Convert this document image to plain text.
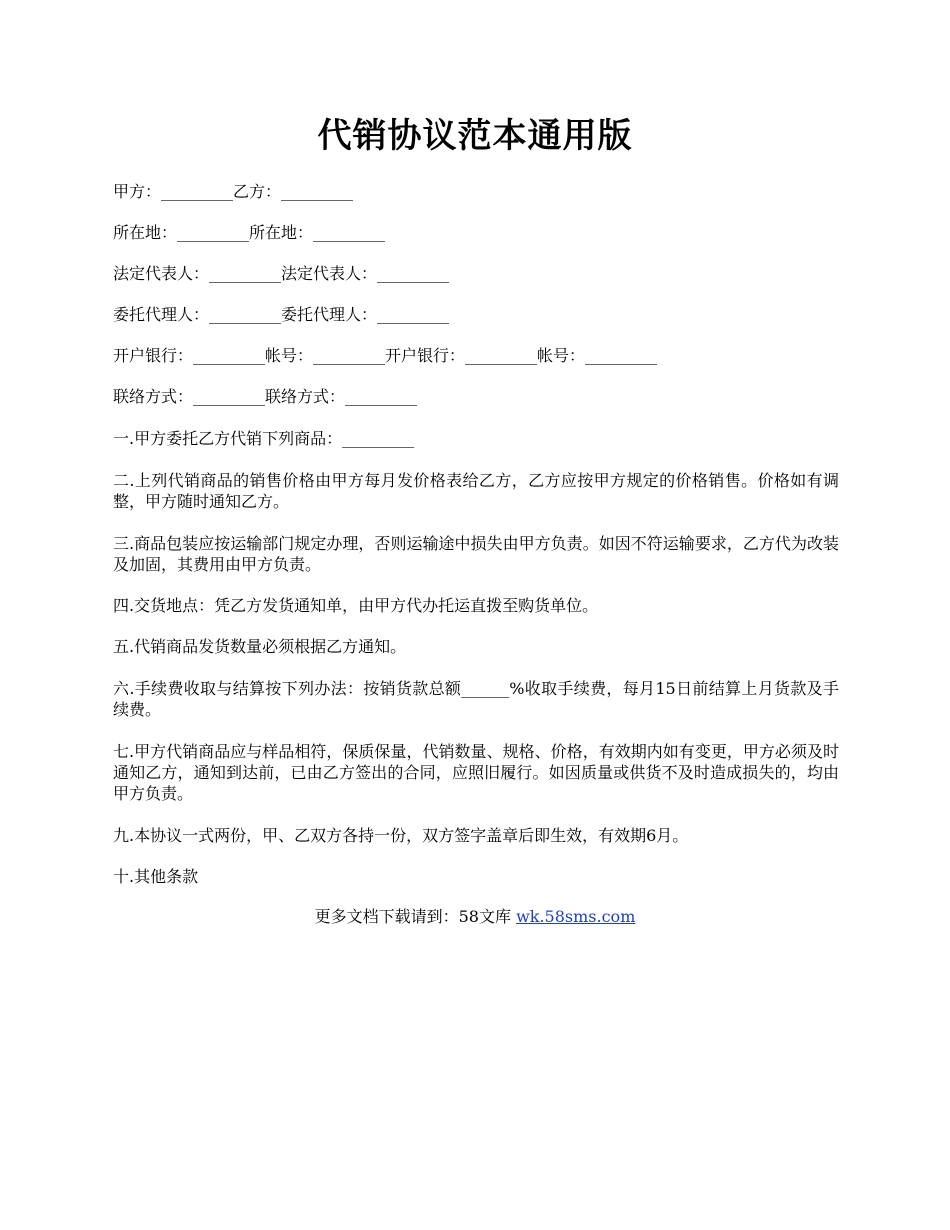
代销协议范本通用版

甲方：_________乙方：_________

所在地：_________所在地：_________

法定代表人：_________法定代表人：_________

委托代理人：_________委托代理人：_________

开户银行：_________帐号：_________开户银行：_________帐号：_________

联络方式：_________联络方式：_________

一.甲方委托乙方代销下列商品：_________

二.上列代销商品的销售价格由甲方每月发价格表给乙方，乙方应按甲方规定的价格销售。价格如有调整，甲方随时通知乙方。

三.商品包装应按运输部门规定办理，否则运输途中损失由甲方负责。如因不符运输要求，乙方代为改装及加固，其费用由甲方负责。

四.交货地点：凭乙方发货通知单，由甲方代办托运直拨至购货单位。

五.代销商品发货数量必须根据乙方通知。

六.手续费收取与结算按下列办法：按销货款总额______%收取手续费，每月15日前结算上月货款及手续费。

七.甲方代销商品应与样品相符，保质保量，代销数量、规格、价格，有效期内如有变更，甲方必须及时通知乙方，通知到达前，已由乙方签出的合同，应照旧履行。如因质量或供货不及时造成损失的，均由甲方负责。

九.本协议一式两份，甲、乙双方各持一份，双方签字盖章后即生效，有效期6月。

十.其他条款

更多文档下载请到：58文库 wk.58sms.com
